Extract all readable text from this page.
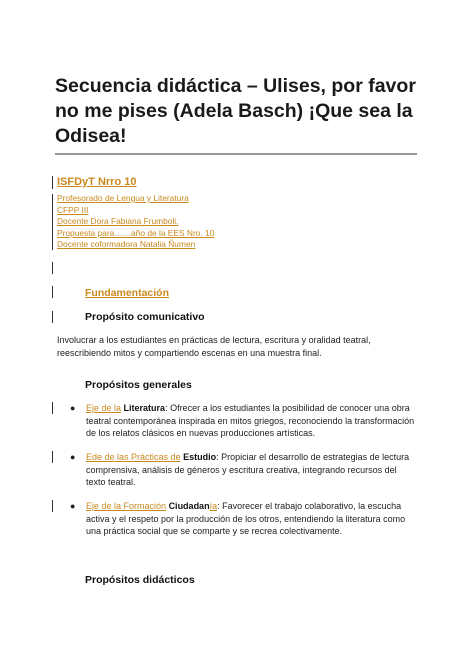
Secuencia didáctica – Ulises, por favor no me pises (Adela Basch) ¡Que sea la Odisea!
ISFDyT Nrro 10
Profesorado de Lengua y Literatura
CFPP III
Docente Dora Fabiana Frumboli.
Propuesta para……año de la EES Nro. 10
Docente coformadora Natalia Ñumen
Fundamentación
Propósito comunicativo

Involucrar a los estudiantes en prácticas de lectura, escritura y oralidad teatral, reescribiendo mitos y compartiendo escenas en una muestra final.

Propósitos generales
●	Eje de la Literatura: Ofrecer a los estudiantes la posibilidad de conocer una obra teatral contemporánea inspirada en mitos griegos, reconociendo la transformación de los relatos clásicos en nuevas producciones artísticas.
●	Ede de las Prácticas de Estudio: Propiciar el desarrollo de estrategias de lectura comprensiva, análisis de géneros y escritura creativa, integrando recursos del texto teatral.
●	Eje de la Formación Ciudadanía: Favorecer el trabajo colaborativo, la escucha activa y el respeto por la producción de los otros, entendiendo la literatura como una práctica social que se comparte y se recrea colectivamente.
Propósitos didácticos
